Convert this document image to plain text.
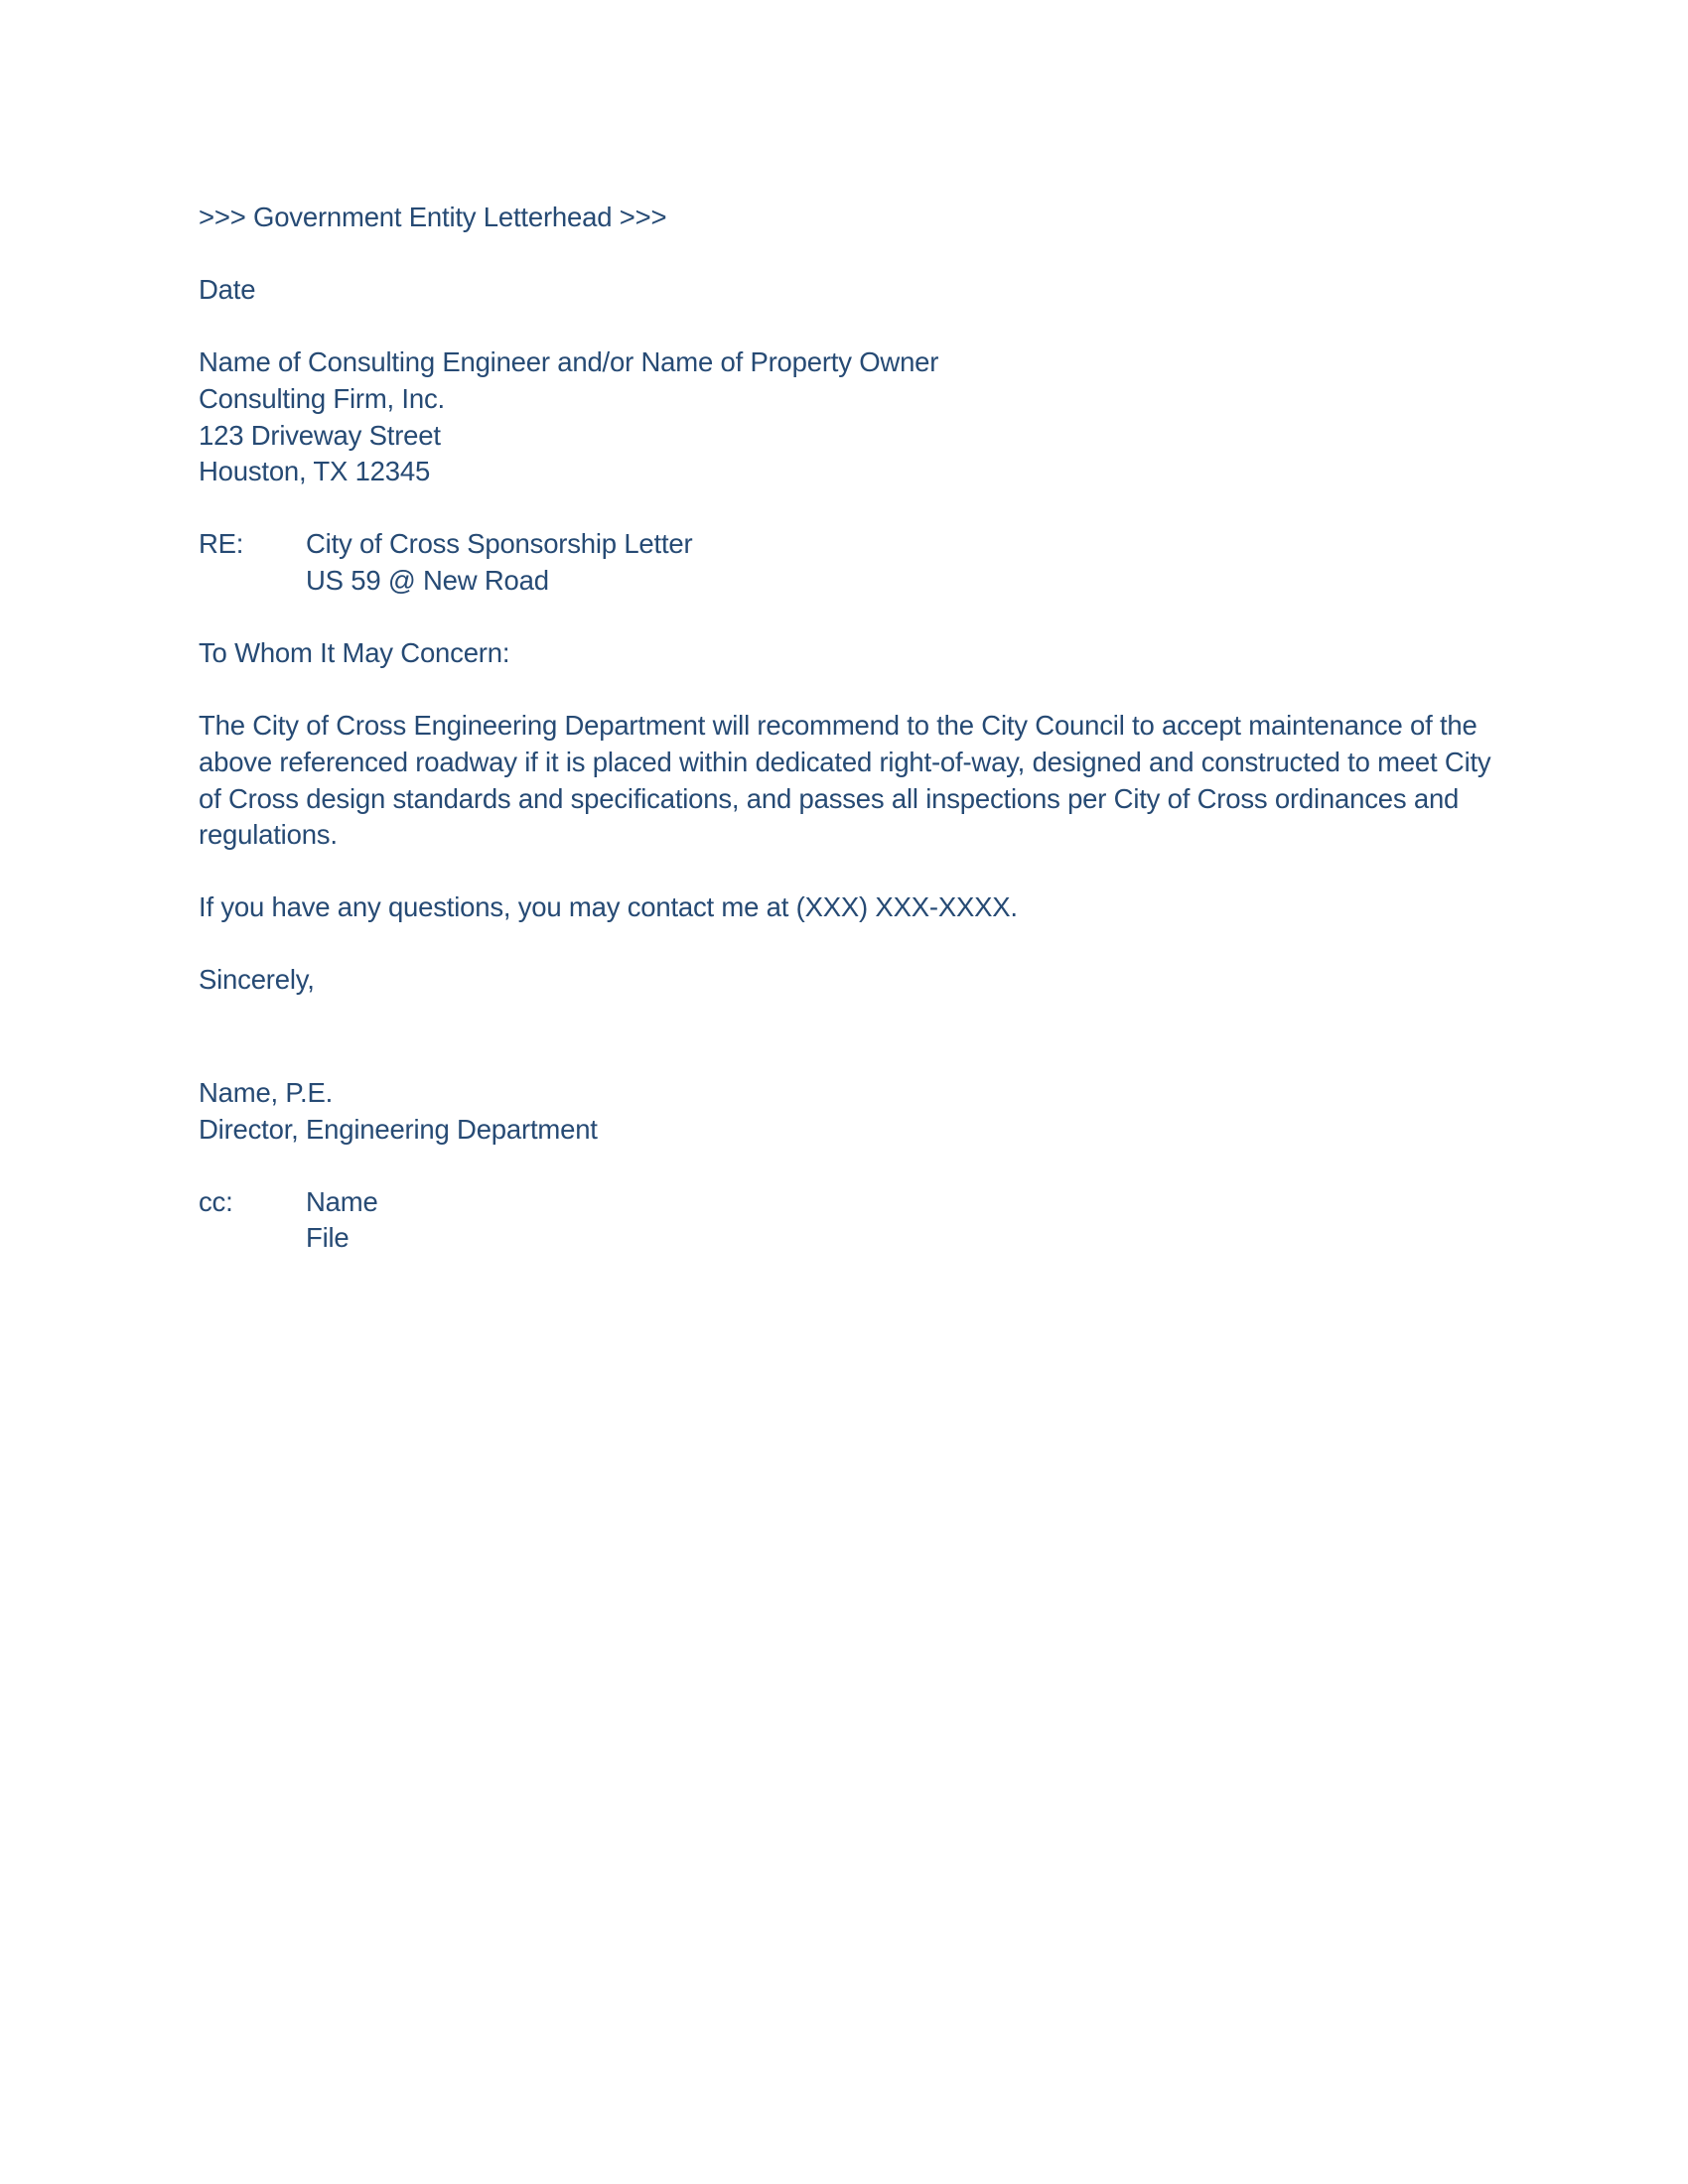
>>> Government Entity Letterhead >>>

Date

Name of Consulting Engineer and/or Name of Property Owner
Consulting Firm, Inc.
123 Driveway Street
Houston, TX 12345
RE:	City of Cross Sponsorship Letter
US 59 @ New Road

To Whom It May Concern:

The City of Cross Engineering Department will recommend to the City Council to accept maintenance of the above referenced roadway if it is placed within dedicated right-of-way, designed and constructed to meet City of Cross design standards and specifications, and passes all inspections per City of Cross ordinances and regulations.

If you have any questions, you may contact me at (XXX) XXX-XXXX.

Sincerely,

Name, P.E.
Director, Engineering Department
cc:	Name
File
